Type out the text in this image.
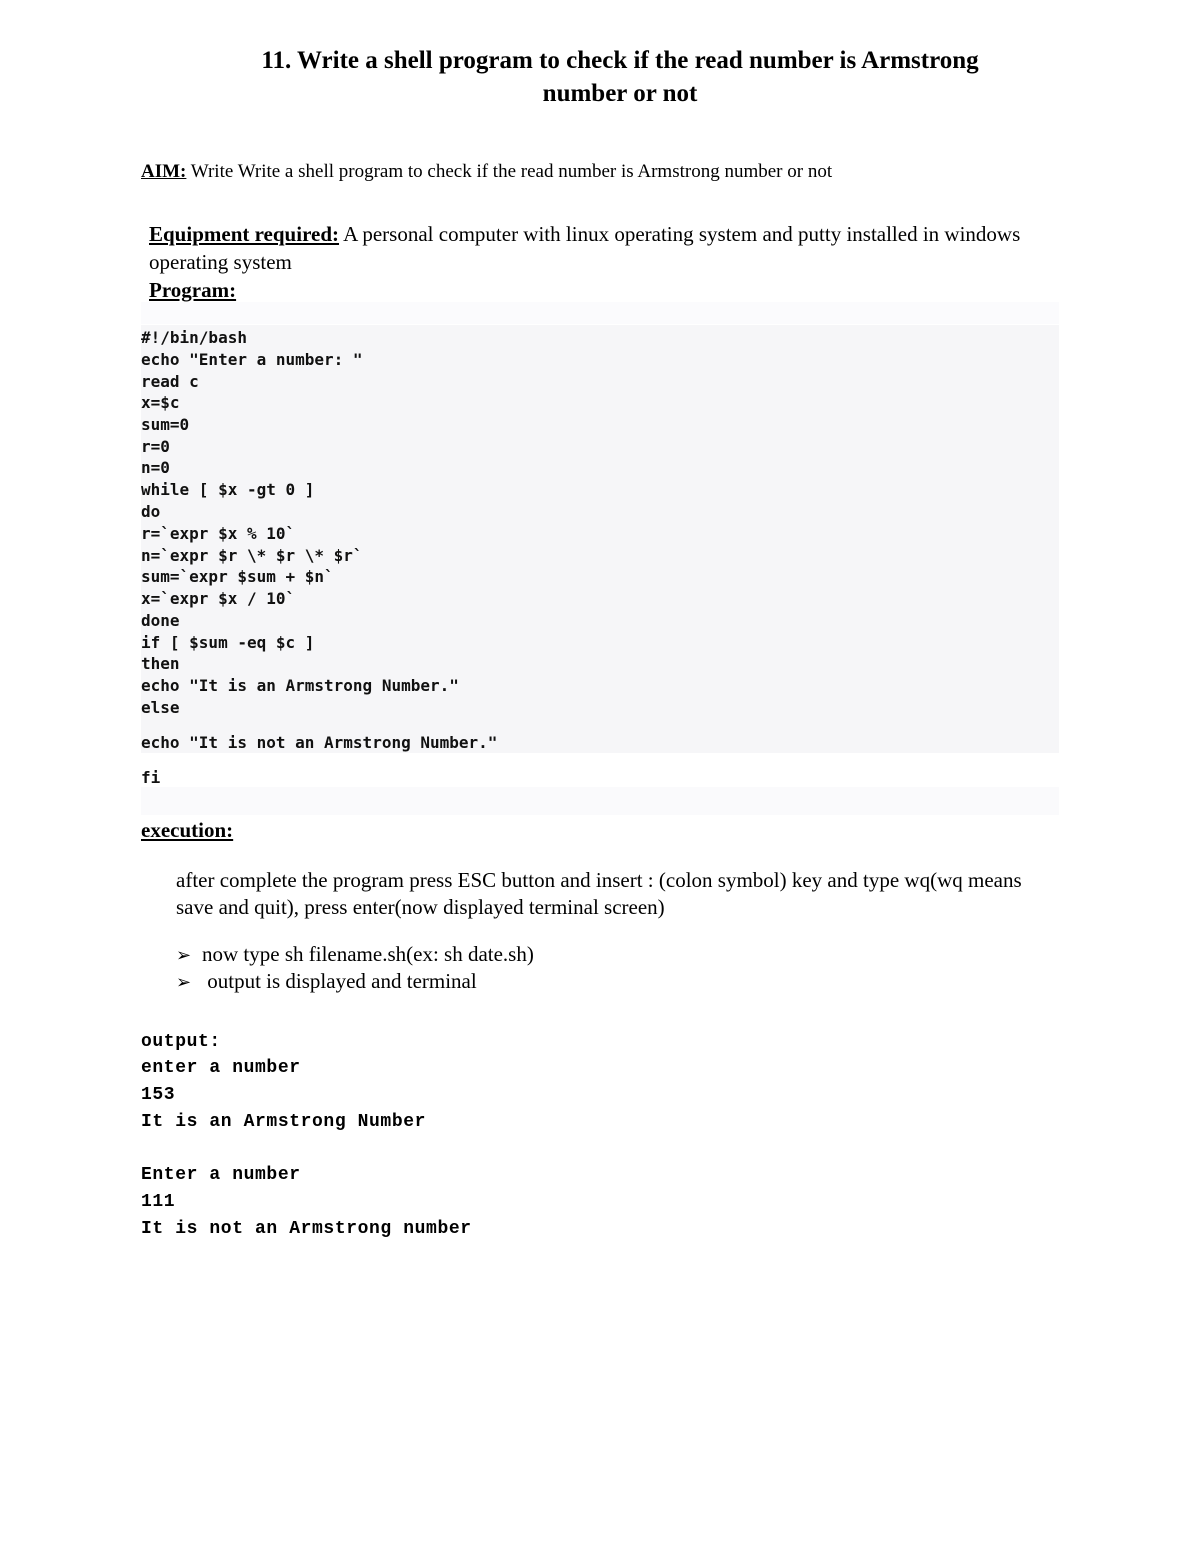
11. Write a shell program to check if the read number is Armstrong
number or not
AIM: Write Write a shell program to check if the read number is Armstrong number or not
Equipment required: A personal computer with linux operating system and putty installed in windows operating system
Program:
#!/bin/bash
echo "Enter a number: "
read c
x=$c
sum=0
r=0
n=0
while [ $x -gt 0 ]
do
r=`expr $x % 10`
n=`expr $r \* $r \* $r`
sum=`expr $sum + $n`
x=`expr $x / 10`
done
if [ $sum -eq $c ]
then
echo "It is an Armstrong Number."
else
echo "It is not an Armstrong Number."
fi
execution:
after complete the program press ESC button and insert : (colon symbol) key and type wq(wq means save and quit), press enter(now displayed terminal screen)
➢ now type sh filename.sh(ex: sh date.sh)
➢ output is displayed and terminal
output:
enter a number
153
It is an Armstrong Number
Enter a number
111
It is not an Armstrong number
